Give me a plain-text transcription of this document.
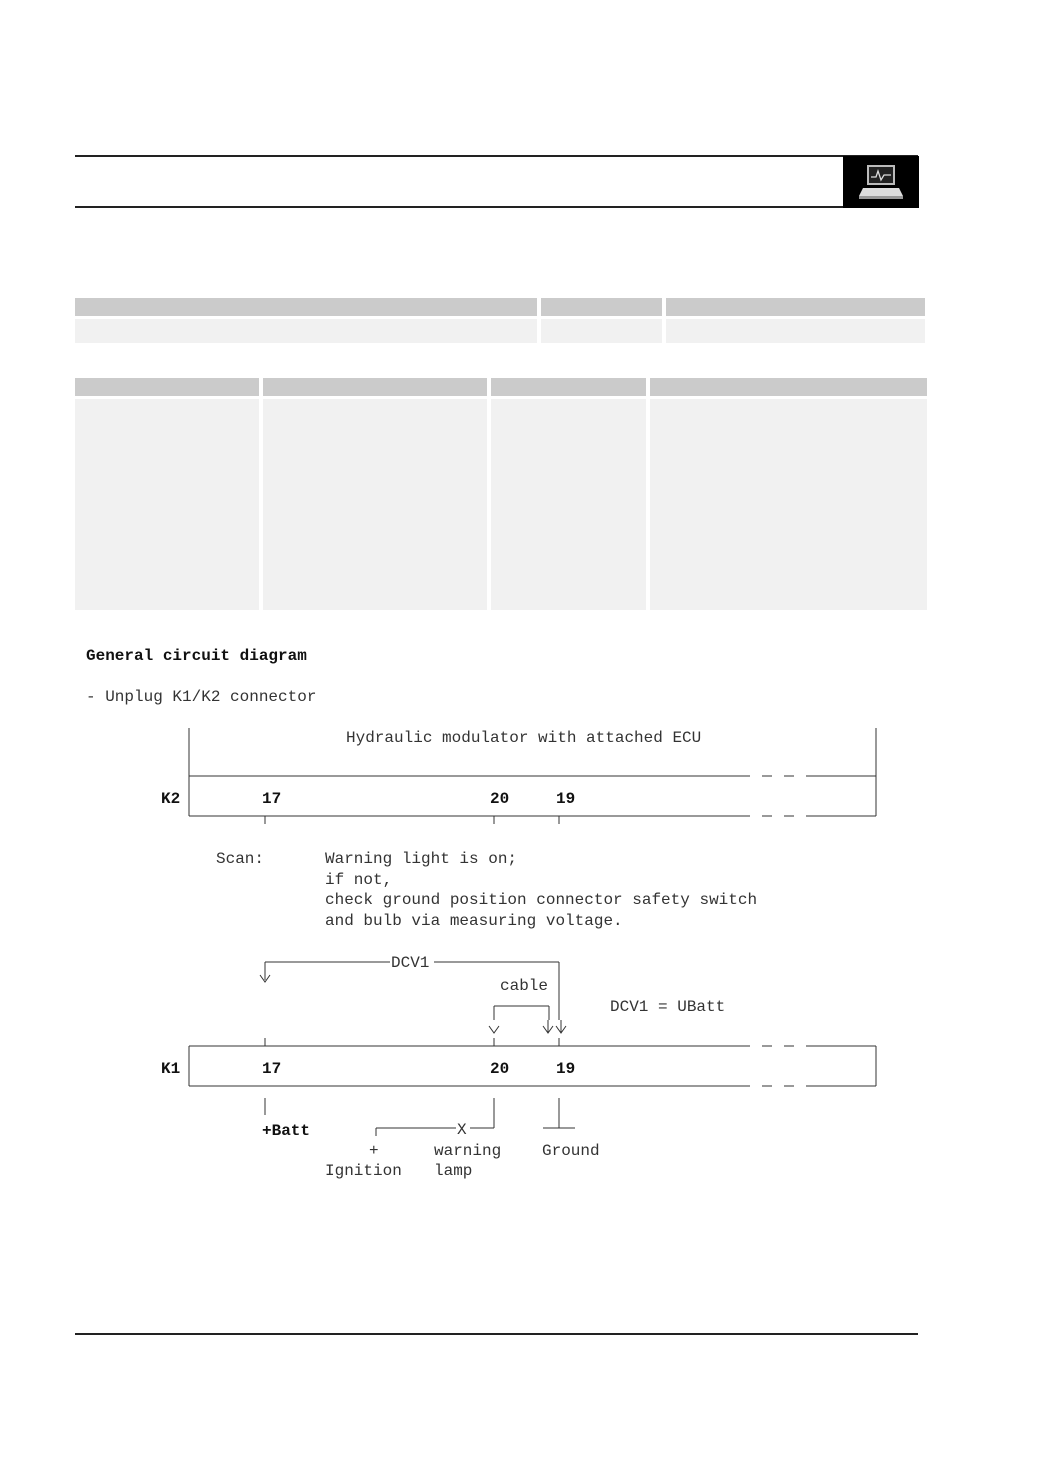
General circuit diagram
- Unplug K1/K2 connector
Hydraulic modulator with attached ECU
K2	17	20	19
Scan:	Warning light is on;
if not,
check ground position connector safety switch
and bulb via measuring voltage.
DCV1
cable
DCV1 = UBatt
K1	17	20	19
+Batt	X
+	warning	Ground
Ignition lamp
